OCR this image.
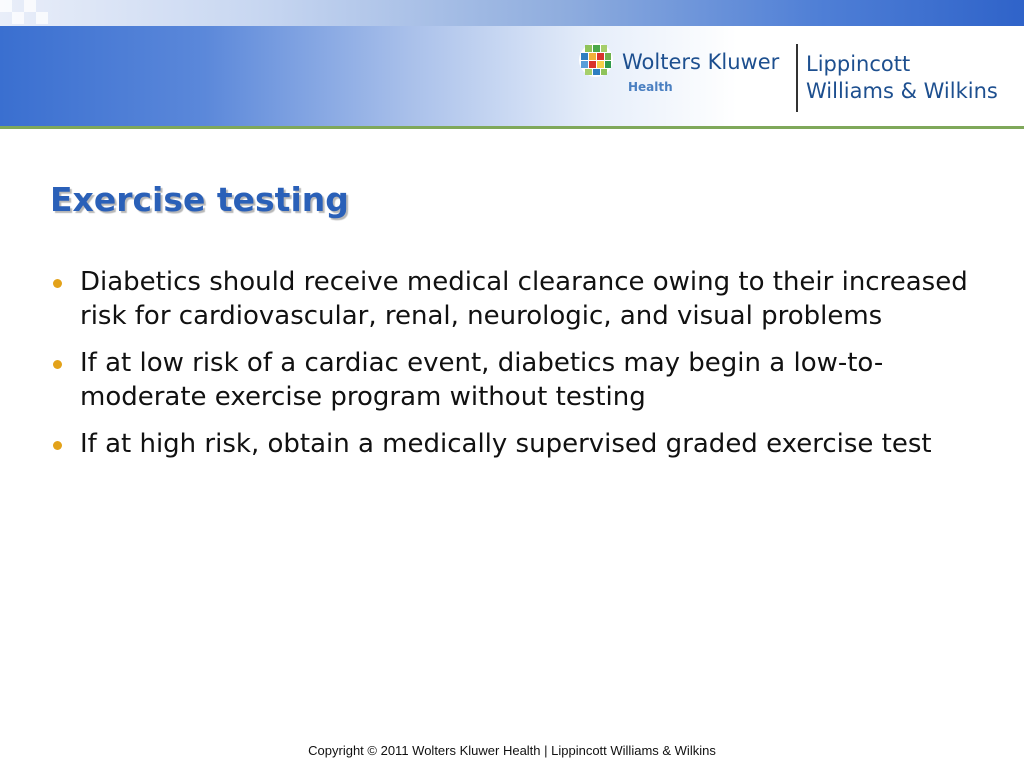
Wolters Kluwer
Health
Lippincott
Williams & Wilkins
Exercise testing
Diabetics should receive medical clearance owing to their increased risk for cardiovascular, renal, neurologic, and visual problems
If at low risk of a cardiac event, diabetics may begin a low-to-moderate exercise program without testing
If at high risk, obtain a medically supervised graded exercise test
Copyright © 2011 Wolters Kluwer Health | Lippincott Williams & Wilkins
